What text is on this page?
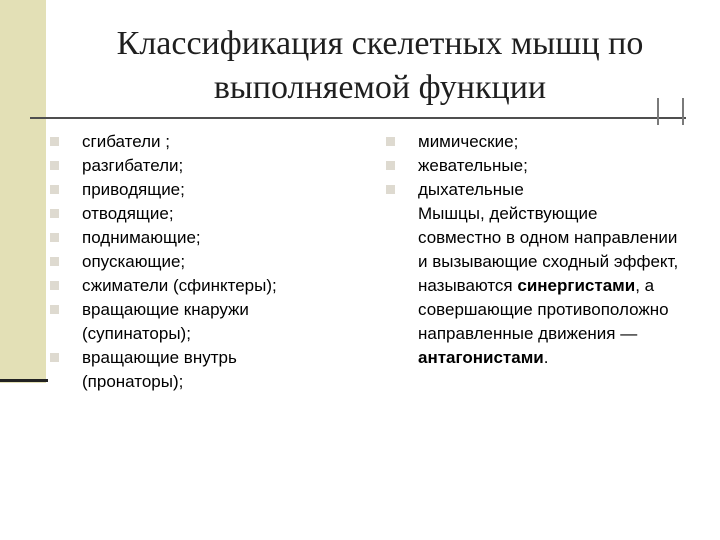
Классификация скелетных мышц по
выполняемой функции
сгибатели ;
разгибатели;
приводящие;
отводящие;
поднимающие;
опускающие;
сжиматели (сфинктеры);
вращающие кнаружи (супинаторы);
вращающие внутрь (пронаторы);
мимические;
жевательные;
дыхательные
Мышцы, действующие совместно в одном направлении и вызывающие сходный эффект, называются синергистами, а совершающие противоположно направленные движения — антагонистами.
